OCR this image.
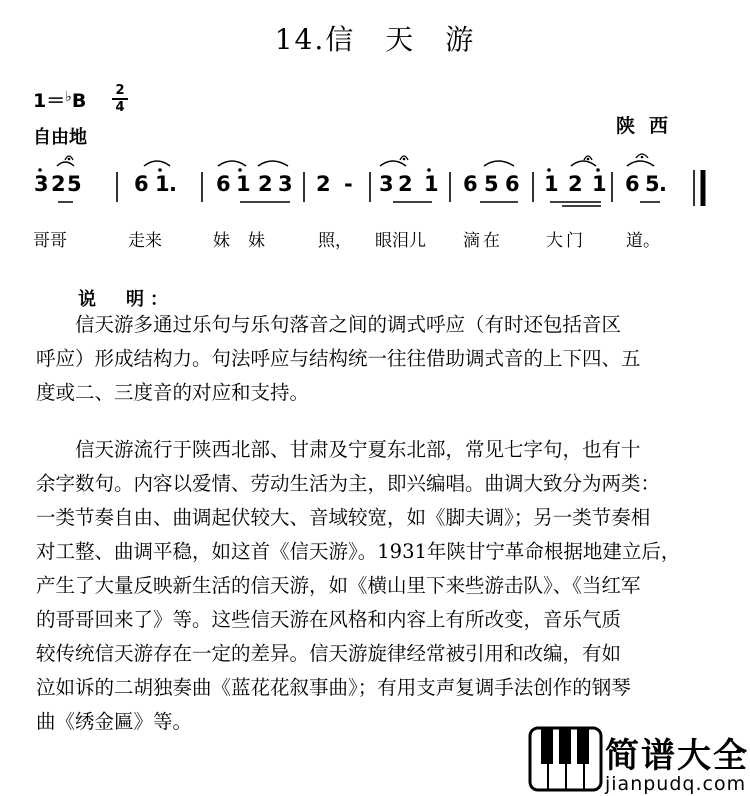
14.信　天　游
1＝♭B 2
4
自由地
陕西
3 2 5 6 1 . 6 1 2 3 2 - 3 2 1 6 5 6 1 2 1 6 5 .
哥哥	走来	妹妹 照， 眼泪儿 滴在	大门 道。
说　明：

信天游多通过乐句与乐句落音之间的调式呼应（有时还包括音区
呼应）形成结构力。句法呼应与结构统一往往借助调式音的上下四、五
度或二、三度音的对应和支持。

信天游流行于陕西北部、甘肃及宁夏东北部，常见七字句，也有十
余字数句。内容以爱情、劳动生活为主，即兴编唱。曲调大致分为两类：
一类节奏自由、曲调起伏较大、音域较宽，如《脚夫调》；另一类节奏相
对工整、曲调平稳，如这首《信天游》。1931年陕甘宁革命根据地建立后，
产生了大量反映新生活的信天游，如《横山里下来些游击队》、《当红军
的哥哥回来了》等。这些信天游在风格和内容上有所改变，音乐气质
较传统信天游存在一定的差异。信天游旋律经常被引用和改编，有如
泣如诉的二胡独奏曲《蓝花花叙事曲》；有用支声复调手法创作的钢琴
曲《绣金匾》等。

简谱大全
jianpudq.com
